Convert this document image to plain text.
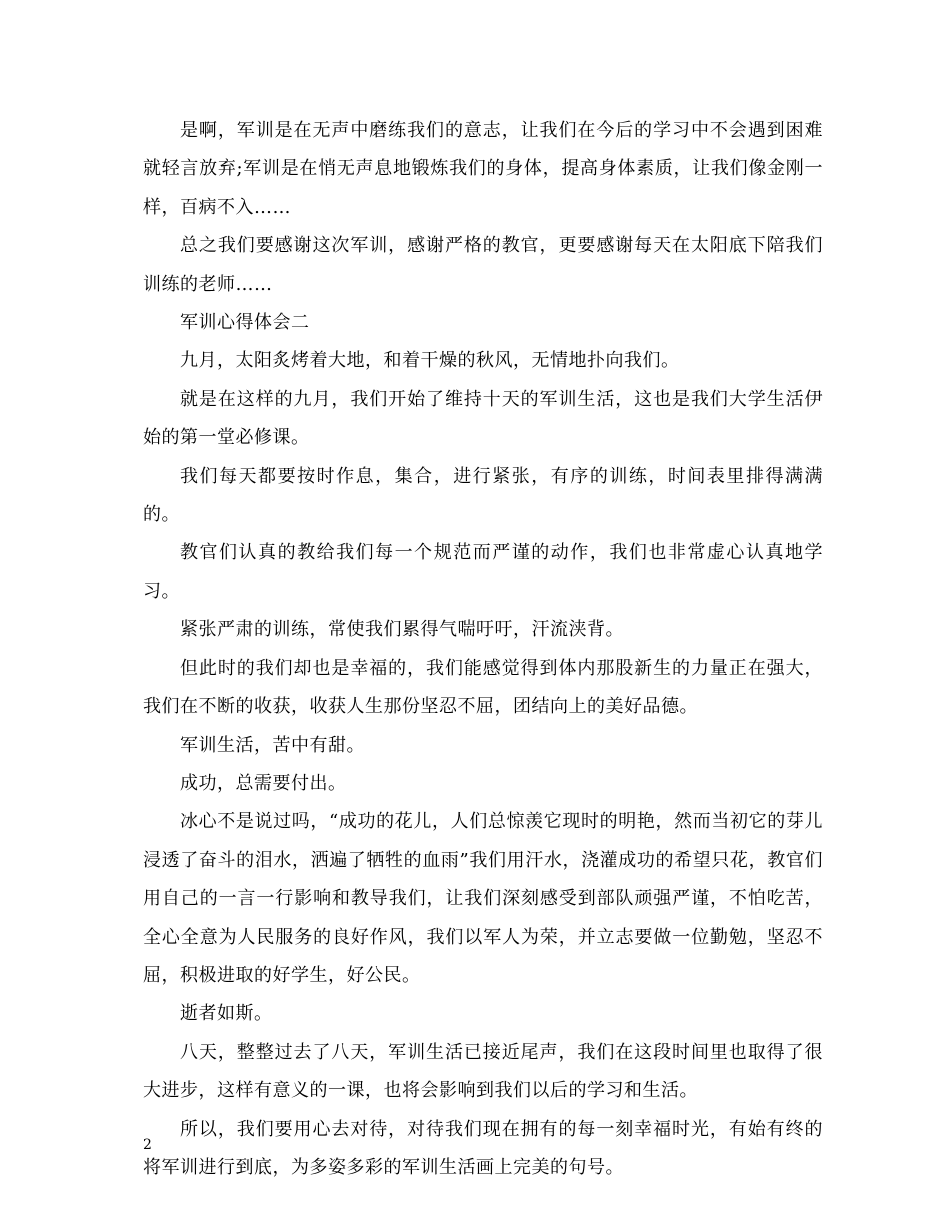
是啊，军训是在无声中磨练我们的意志，让我们在今后的学习中不会遇到困难就轻言放弃;军训是在悄无声息地锻炼我们的身体，提高身体素质，让我们像金刚一样，百病不入……

总之我们要感谢这次军训，感谢严格的教官，更要感谢每天在太阳底下陪我们训练的老师……

军训心得体会二

九月，太阳炙烤着大地，和着干燥的秋风，无情地扑向我们。

就是在这样的九月，我们开始了维持十天的军训生活，这也是我们大学生活伊始的第一堂必修课。

我们每天都要按时作息，集合，进行紧张，有序的训练，时间表里排得满满的。

教官们认真的教给我们每一个规范而严谨的动作，我们也非常虚心认真地学习。

紧张严肃的训练，常使我们累得气喘吁吁，汗流浃背。

但此时的我们却也是幸福的，我们能感觉得到体内那股新生的力量正在强大，我们在不断的收获，收获人生那份坚忍不屈，团结向上的美好品德。

军训生活，苦中有甜。

成功，总需要付出。

冰心不是说过吗，“成功的花儿，人们总惊羡它现时的明艳，然而当初它的芽儿浸透了奋斗的泪水，洒遍了牺牲的血雨”我们用汗水，浇灌成功的希望只花，教官们用自己的一言一行影响和教导我们，让我们深刻感受到部队顽强严谨，不怕吃苦，全心全意为人民服务的良好作风，我们以军人为荣，并立志要做一位勤勉，坚忍不屈，积极进取的好学生，好公民。

逝者如斯。

八天，整整过去了八天，军训生活已接近尾声，我们在这段时间里也取得了很大进步，这样有意义的一课，也将会影响到我们以后的学习和生活。

所以，我们要用心去对待，对待我们现在拥有的每一刻幸福时光，有始有终的将军训进行到底，为多姿多彩的军训生活画上完美的句号。

2
